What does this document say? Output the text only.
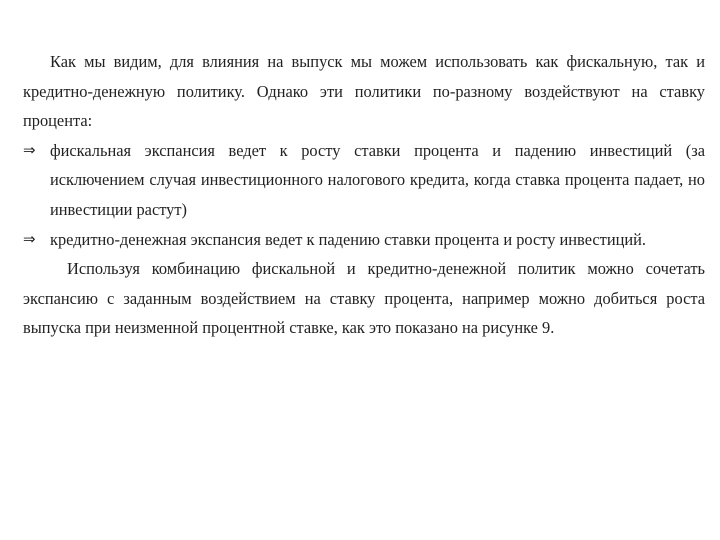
Как мы видим, для влияния на выпуск мы можем использовать как фискальную, так и кредитно-денежную политику. Однако эти политики по-разному воздействуют на ставку процента:

⇒ фискальная экспансия ведет к росту ставки процента и падению инвестиций (за исключением случая инвестиционного налогового кредита, когда ставка процента падает, но инвестиции растут)
⇒ кредитно-денежная экспансия ведет к падению ставки процента и росту инвестиций.

Используя комбинацию фискальной и кредитно-денежной политик можно сочетать экспансию с заданным воздействием на ставку процента, например можно добиться роста выпуска при неизменной процентной ставке, как это показано на рисунке 9.
